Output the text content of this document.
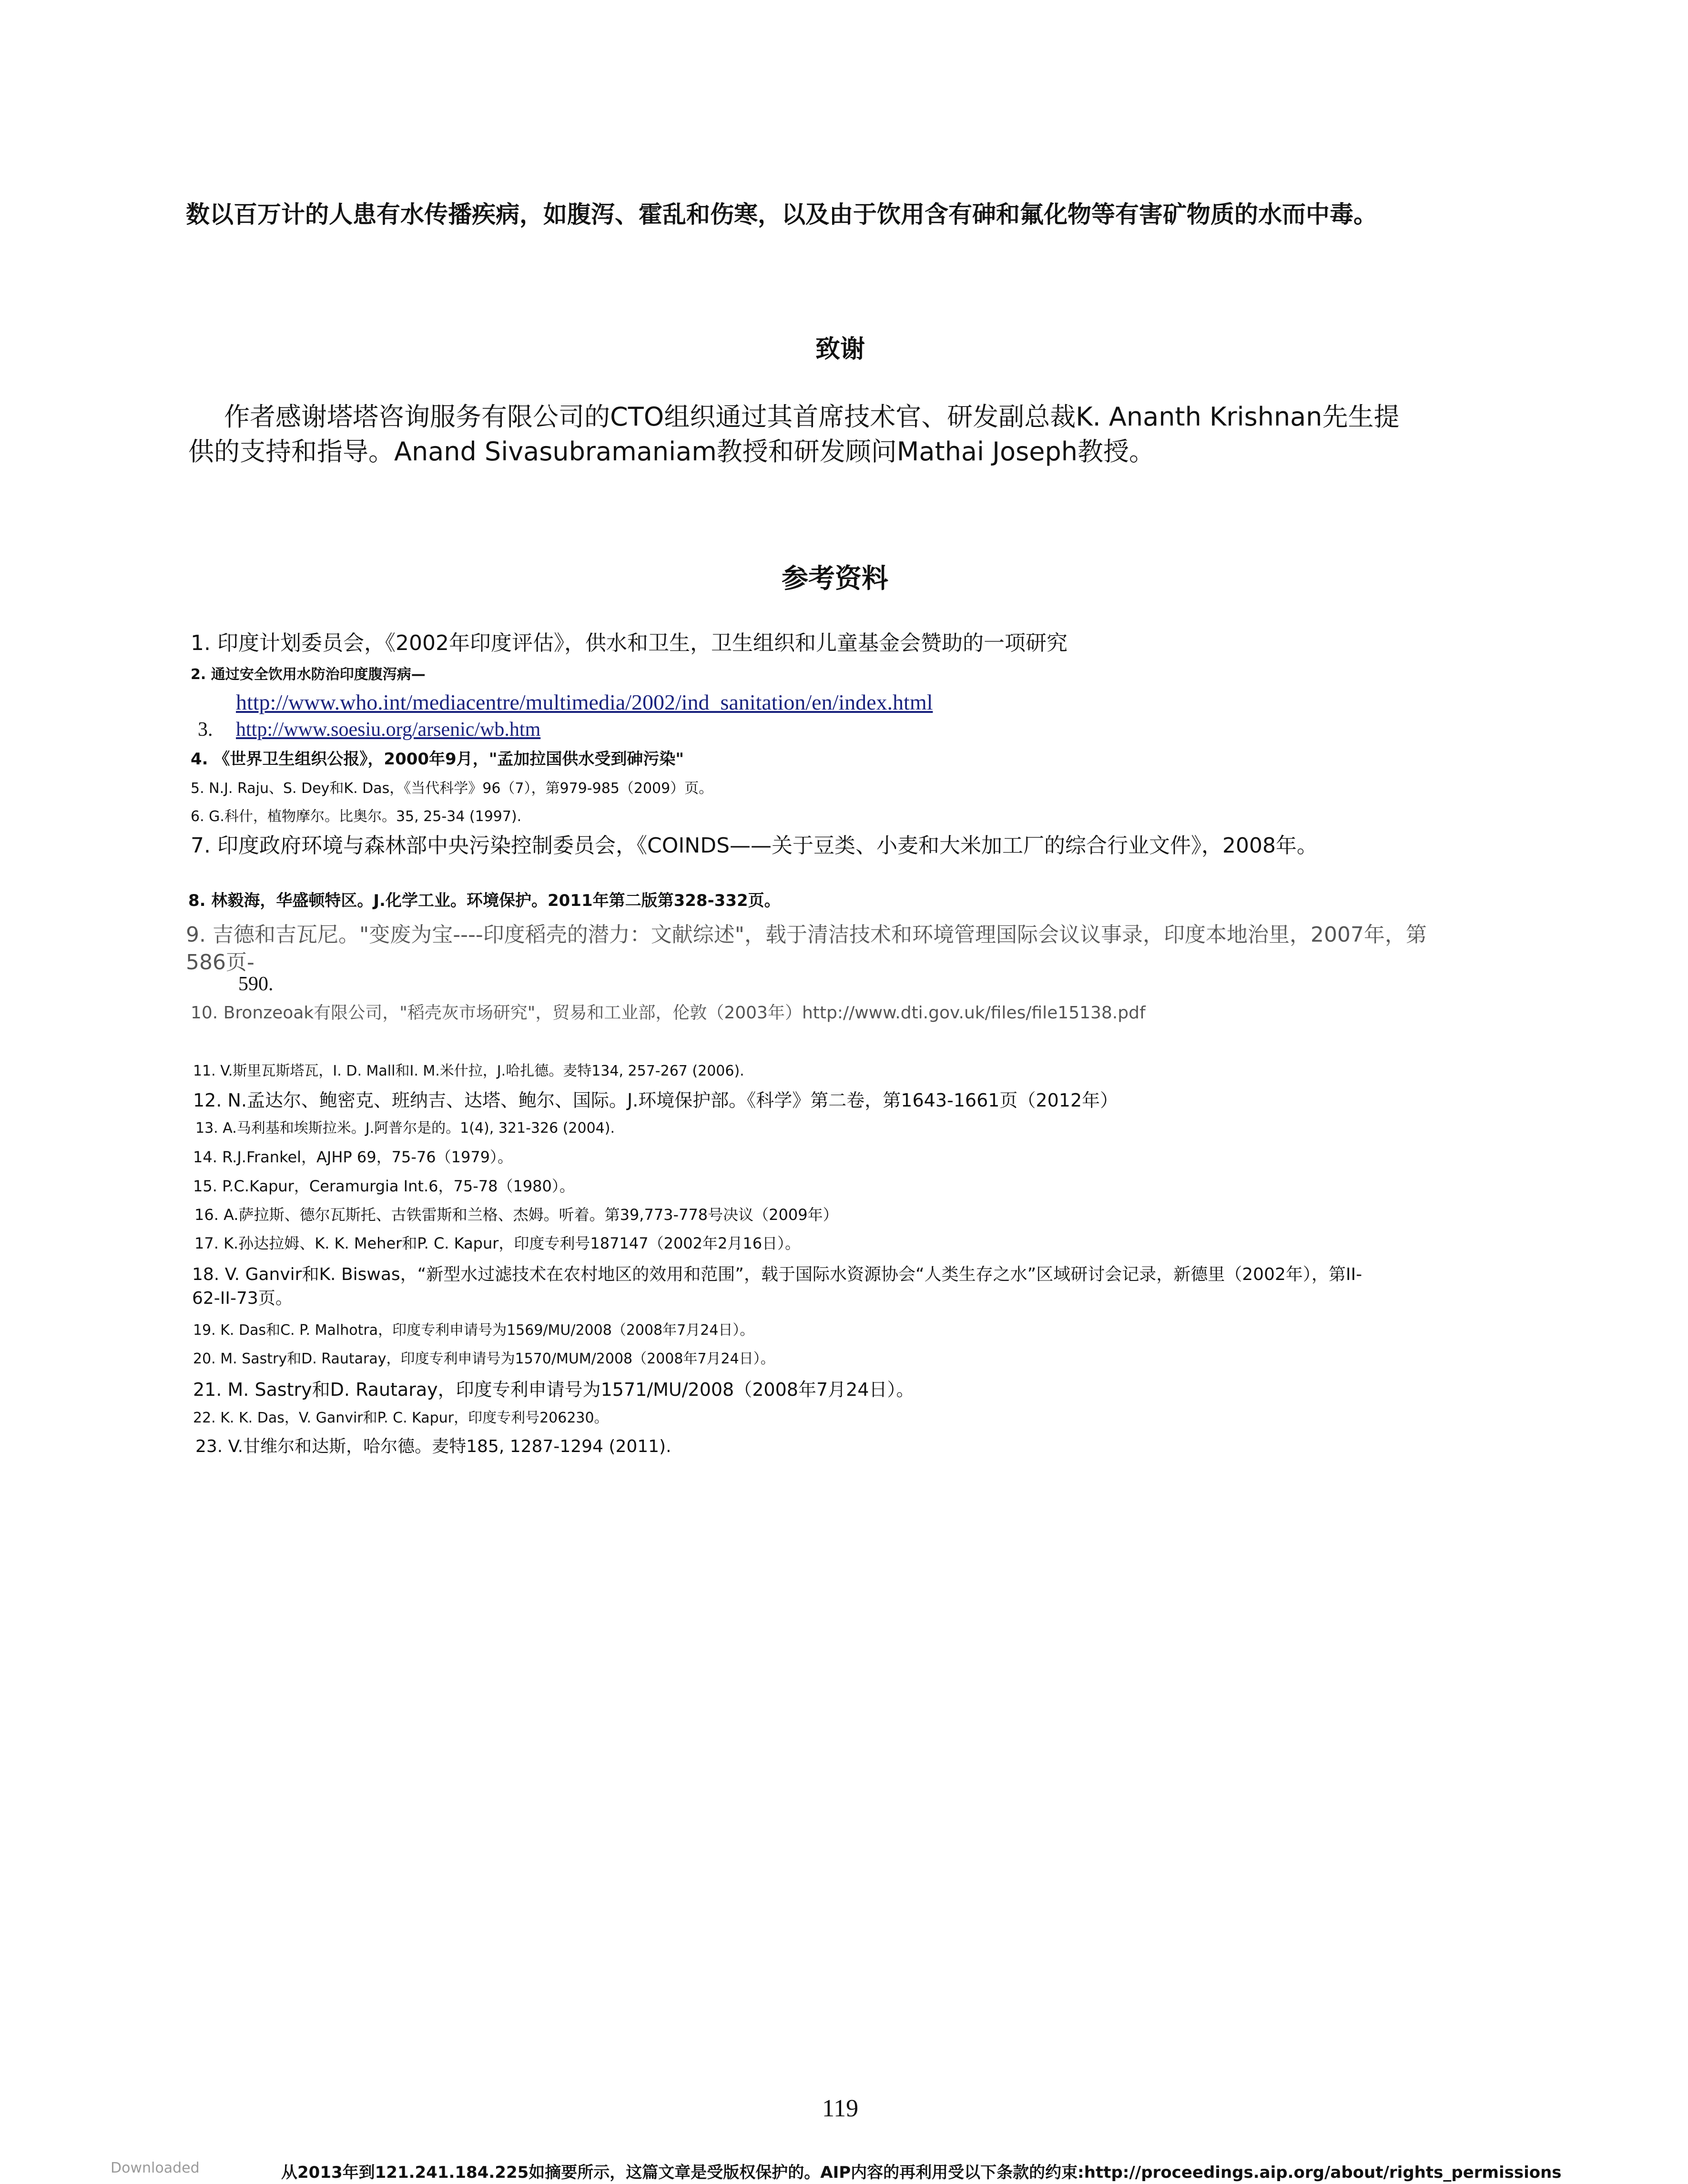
数以百万计的人患有水传播疾病，如腹泻、霍乱和伤寒，以及由于饮用含有砷和氟化物等有害矿物质的水而中毒。
致谢
作者感谢塔塔咨询服务有限公司的CTO组织通过其首席技术官、研发副总裁K. Ananth Krishnan先生提
供的支持和指导。Anand Sivasubramaniam教授和研发顾问Mathai Joseph教授。
参考资料
1. 印度计划委员会，《2002年印度评估》，供水和卫生，卫生组织和儿童基金会赞助的一项研究
2. 通过安全饮用水防治印度腹泻病—
http://www.who.int/mediacentre/multimedia/2002/ind_sanitation/en/index.html
3. http://www.soesiu.org/arsenic/wb.htm
4. 《世界卫生组织公报》，2000年9月，"孟加拉国供水受到砷污染"
5. N.J. Raju、S. Dey和K. Das，《当代科学》96（7），第979-985（2009）页。
6. G.科什，植物摩尔。比奥尔。35, 25-34 (1997).
7. 印度政府环境与森林部中央污染控制委员会，《COINDS——关于豆类、小麦和大米加工厂的综合行业文件》，2008年。
8. 林毅海，华盛顿特区。J.化学工业。环境保护。2011年第二版第328-332页。
9. 吉德和吉瓦尼。"变废为宝----印度稻壳的潜力：文献综述"，载于清洁技术和环境管理国际会议议事录，印度本地治里，2007年，第
586页-
590.
10. Bronzeoak有限公司，"稻壳灰市场研究"，贸易和工业部，伦敦（2003年）http://www.dti.gov.uk/files/file15138.pdf
11. V.斯里瓦斯塔瓦，I. D. Mall和I. M.米什拉，J.哈扎德。麦特134, 257-267 (2006).
12. N.孟达尔、鲍密克、班纳吉、达塔、鲍尔、国际。J.环境保护部。《科学》第二卷，第1643-1661页（2012年）
13. A.马利基和埃斯拉米。J.阿普尔是的。1(4), 321-326 (2004).
14. R.J.Frankel，AJHP 69，75-76（1979）。
15. P.C.Kapur，Ceramurgia Int.6，75-78（1980）。
16. A.萨拉斯、德尔瓦斯托、古铁雷斯和兰格、杰姆。听着。第39,773-778号决议（2009年）
17. K.孙达拉姆、K. K. Meher和P. C. Kapur，印度专利号187147（2002年2月16日）。
18. V. Ganvir和K. Biswas，“新型水过滤技术在农村地区的效用和范围”，载于国际水资源协会“人类生存之水”区域研讨会记录，新德里（2002年），第II-
62-II-73页。
19. K. Das和C. P. Malhotra，印度专利申请号为1569/MU/2008（2008年7月24日）。
20. M. Sastry和D. Rautaray，印度专利申请号为1570/MUM/2008（2008年7月24日）。
21. M. Sastry和D. Rautaray，印度专利申请号为1571/MU/2008（2008年7月24日）。
22. K. K. Das，V. Ganvir和P. C. Kapur，印度专利号206230。
23. V.甘维尔和达斯，哈尔德。麦特185, 1287-1294 (2011).
119
Downloaded	从2013年到121.241.184.225如摘要所示，这篇文章是受版权保护的。AIP内容的再利用受以下条款的约束:http://proceedings.aip.org/about/rights_permissions
